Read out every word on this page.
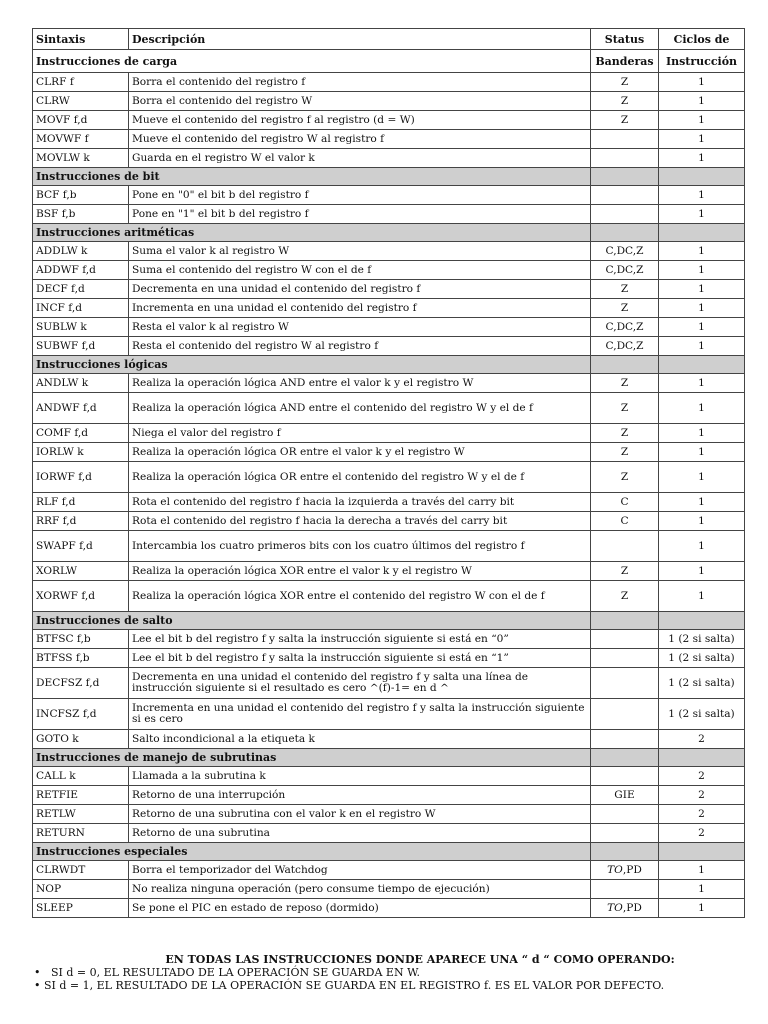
Sintaxis	Descripción	Status	Ciclos de
Instrucciones de carga		Banderas	Instrucción
CLRF f	Borra el contenido del registro f	Z	1
CLRW	Borra el contenido del registro W	Z	1
MOVF f,d	Mueve el contenido del registro f al registro (d = W)	Z	1
MOVWF f	Mueve el contenido del registro W al registro f		1
MOVLW k	Guarda en el registro W el valor k		1
Instrucciones de bit			
BCF f,b	Pone en "0" el bit b del registro f		1
BSF f,b	Pone en "1" el bit b del registro f		1
Instrucciones aritméticas			
ADDLW k	Suma el valor k al registro W	C,DC,Z	1
ADDWF f,d	Suma el contenido del registro W con el de f	C,DC,Z	1
DECF f,d	Decrementa en una unidad el contenido del registro f	Z	1
INCF f,d	Incrementa en una unidad el contenido del registro f	Z	1
SUBLW k	Resta el valor k al registro W	C,DC,Z	1
SUBWF f,d	Resta el contenido del registro W al registro f	C,DC,Z	1
Instrucciones lógicas			
ANDLW k	Realiza la operación lógica AND entre el valor k y el registro W	Z	1
ANDWF f,d	Realiza la operación lógica AND entre el contenido del registro W y el de f	Z	1
COMF f,d	Niega el valor del registro f	Z	1
IORLW k	Realiza la operación lógica OR entre el valor k y el registro W	Z	1
IORWF f,d	Realiza la operación lógica OR entre el contenido del registro W y el de f	Z	1
RLF f,d	Rota el contenido del registro f hacia la izquierda a través del carry bit	C	1
RRF f,d	Rota el contenido del registro f hacia la derecha a través del carry bit	C	1
SWAPF f,d	Intercambia los cuatro primeros bits con los cuatro últimos del registro f		1
XORLW	Realiza la operación lógica XOR entre el valor k y el registro W	Z	1
XORWF f,d	Realiza la operación lógica XOR entre el contenido del registro W con el de f	Z	1
Instrucciones de salto			
BTFSC f,b	Lee el bit b del registro f y salta la instrucción siguiente si está en “0”		1 (2 si salta)
BTFSS f,b	Lee el bit b del registro f y salta la instrucción siguiente si está en “1”		1 (2 si salta)
DECFSZ f,d	Decrementa en una unidad el contenido del registro f y salta una línea de instrucción siguiente si el resultado es cero ^(f)-1= en d ^		1 (2 si salta)
INCFSZ f,d	Incrementa en una unidad el contenido del registro f y salta la instrucción siguiente si es cero		1 (2 si salta)
GOTO k	Salto incondicional a la etiqueta k		2
Instrucciones de manejo de subrutinas			
CALL k	Llamada a la subrutina k		2
RETFIE	Retorno de una interrupción	GIE	2
RETLW	Retorno de una subrutina con el valor k en el registro W		2
RETURN	Retorno de una subrutina		2
Instrucciones especiales			
CLRWDT	Borra el temporizador del Watchdog	TO,PD	1
NOP	No realiza ninguna operación (pero consume tiempo de ejecución)		1
SLEEP	Se pone el PIC en estado de reposo (dormido)	TO,PD	1
EN TODAS LAS INSTRUCCIONES DONDE APARECE UNA “ d “ COMO OPERANDO:
• SI d = 0, EL RESULTADO DE LA OPERACIÓN SE GUARDA EN W.
• SI d = 1, EL RESULTADO DE LA OPERACIÓN SE GUARDA EN EL REGISTRO f. ES EL VALOR POR DEFECTO.
